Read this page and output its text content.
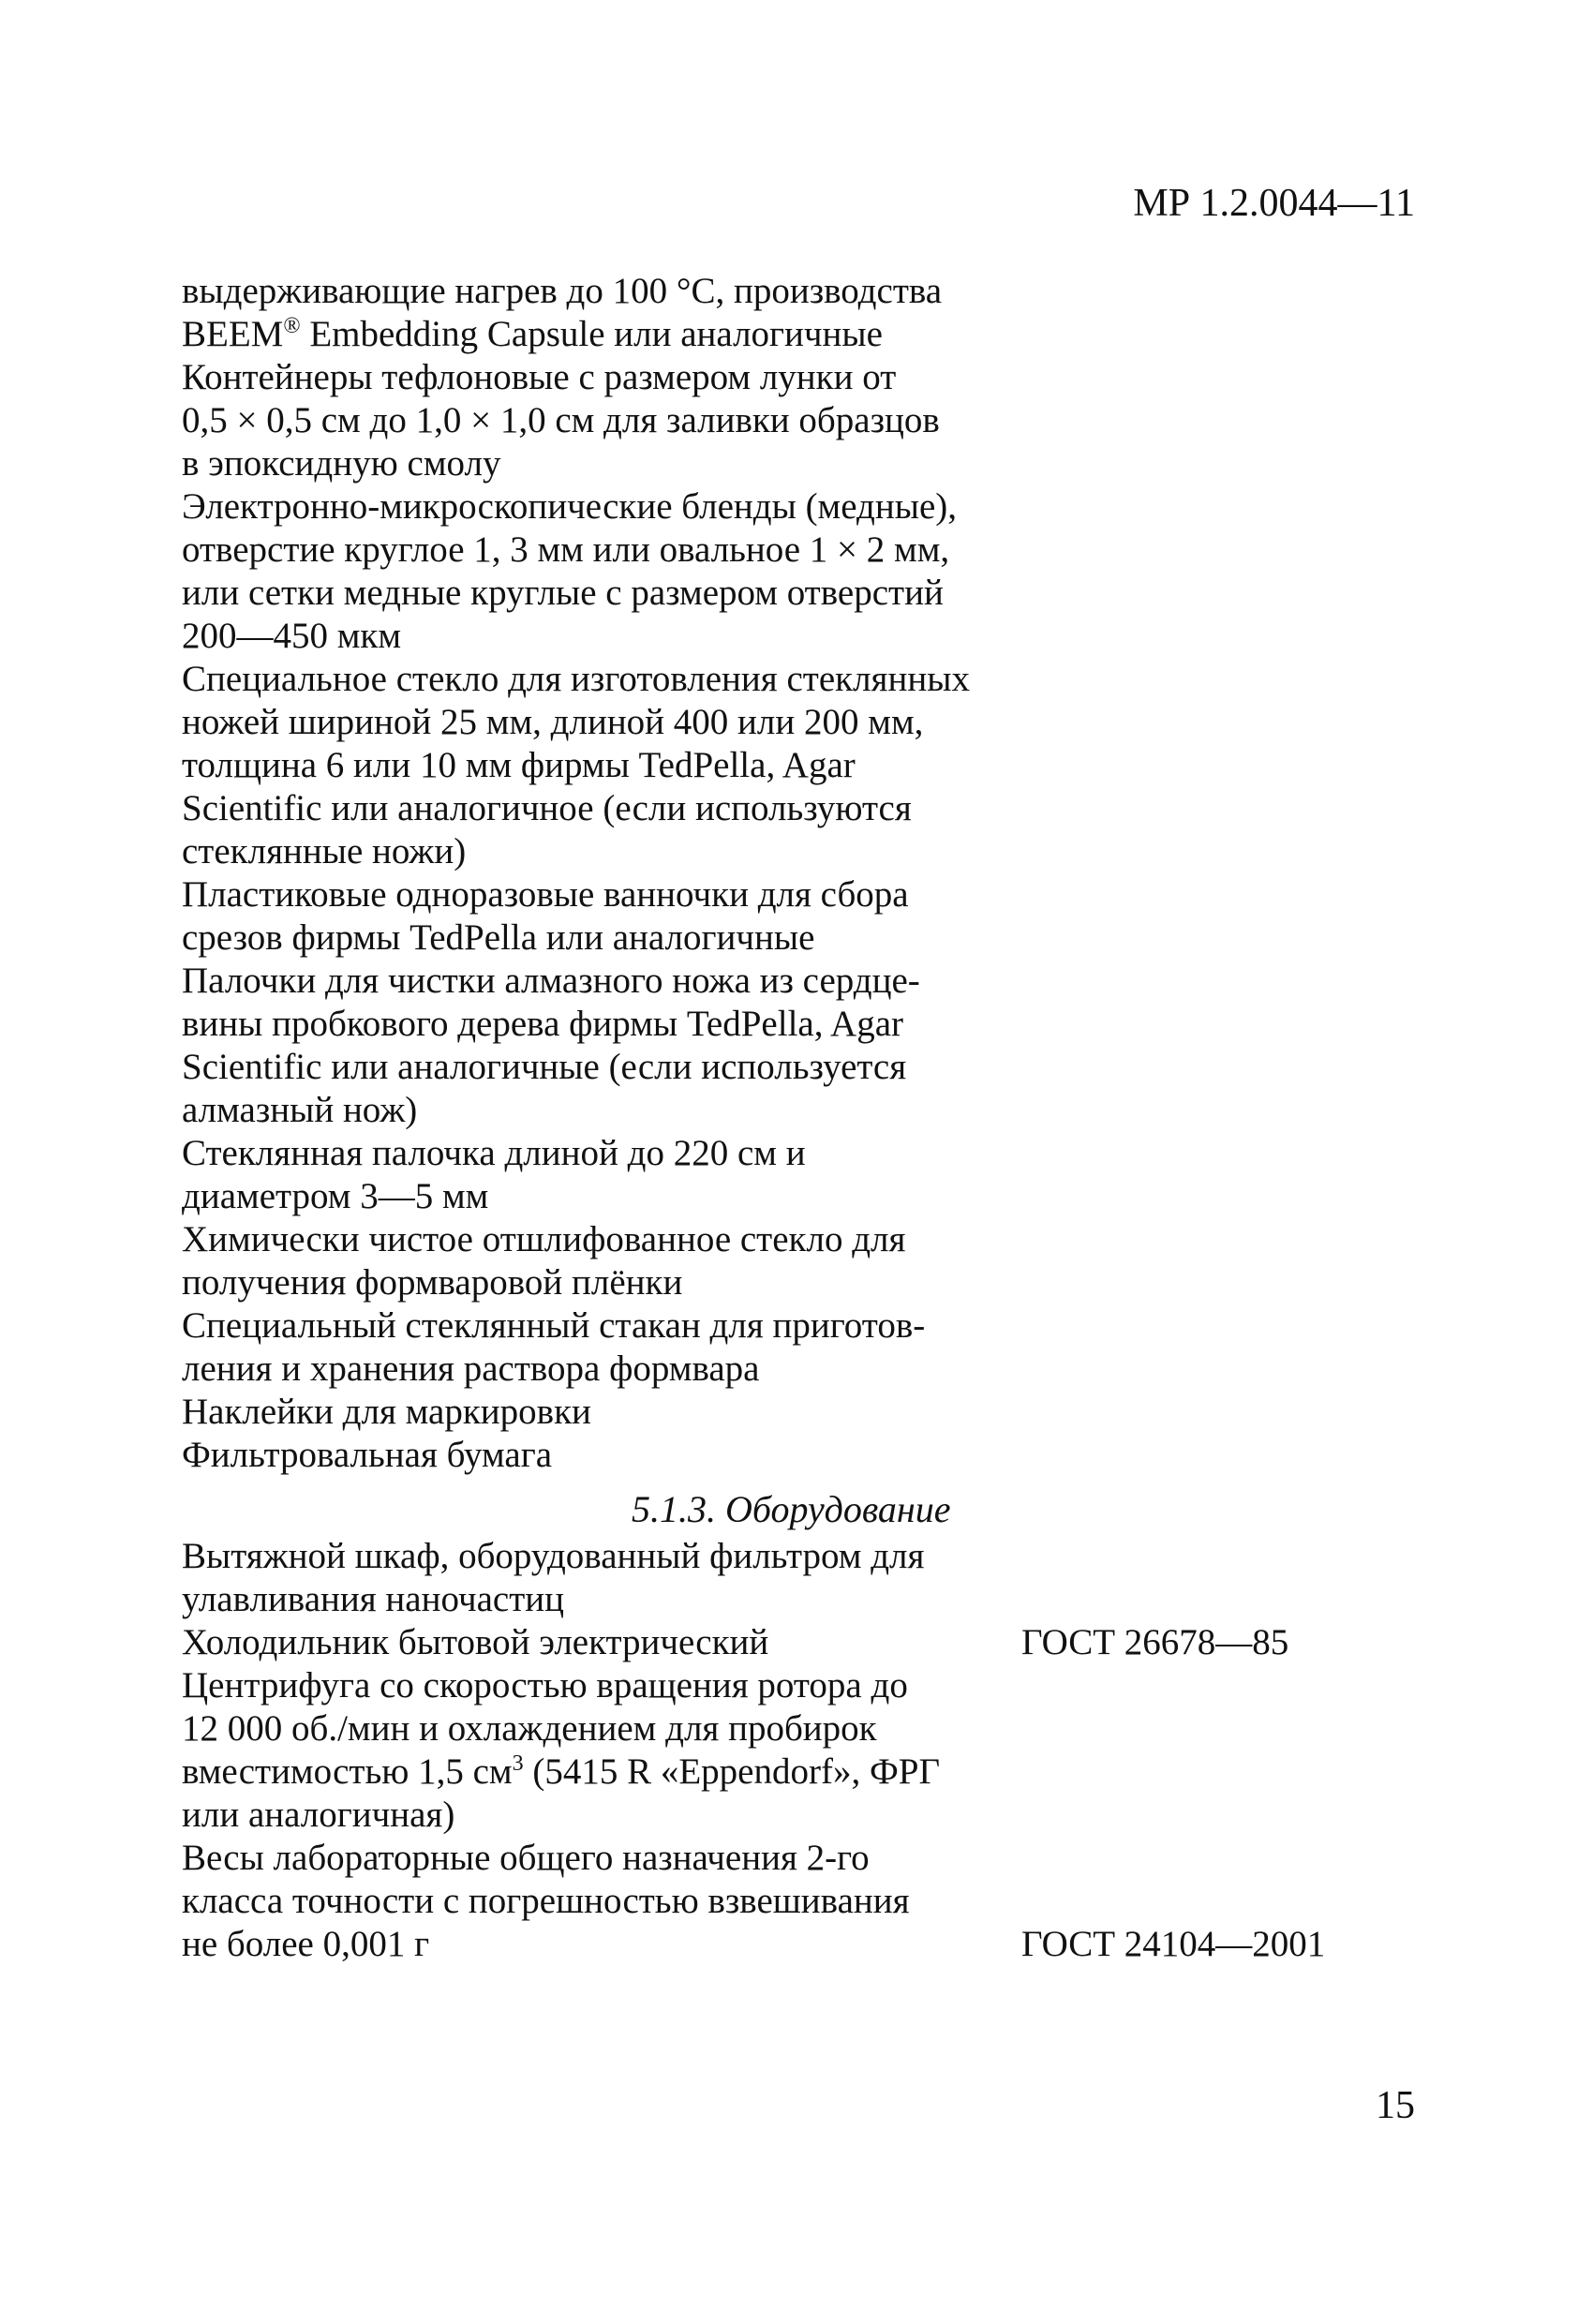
МР 1.2.0044—11
выдерживающие нагрев до 100 °С, производства
BEEM® Embedding Capsule или аналогичные
Контейнеры тефлоновые с размером лунки от
0,5 × 0,5 см до 1,0 × 1,0 см для заливки образцов
в эпоксидную смолу
Электронно-микроскопические бленды (медные),
отверстие круглое 1, 3 мм или овальное 1 × 2 мм,
или сетки медные круглые с размером отверстий
200—450 мкм
Специальное стекло для изготовления стеклянных
ножей шириной 25 мм, длиной 400 или 200 мм,
толщина 6 или 10 мм фирмы TedPella, Agar
Scientific или аналогичное (если используются
стеклянные ножи)
Пластиковые одноразовые ванночки для сбора
срезов фирмы TedPella или аналогичные
Палочки для чистки алмазного ножа из сердце-
вины пробкового дерева фирмы TedPella, Agar
Scientific или аналогичные (если используется
алмазный нож)
Стеклянная палочка длиной до 220 см и
диаметром 3—5 мм
Химически чистое отшлифованное стекло для
получения формваровой плёнки
Специальный стеклянный стакан для приготов-
ления и хранения раствора формвара
Наклейки для маркировки
Фильтровальная бумага
5.1.3. Оборудование
Вытяжной шкаф, оборудованный фильтром для
улавливания наночастиц
Холодильник бытовой электрический	ГОСТ 26678—85
Центрифуга со скоростью вращения ротора до
12 000 об./мин и охлаждением для пробирок
вместимостью 1,5 $см^3$ (5415 R «Eppendorf», ФРГ
или аналогичная)
Весы лабораторные общего назначения 2-го
класса точности с погрешностью взвешивания
не более 0,001 г	ГОСТ 24104—2001
15
